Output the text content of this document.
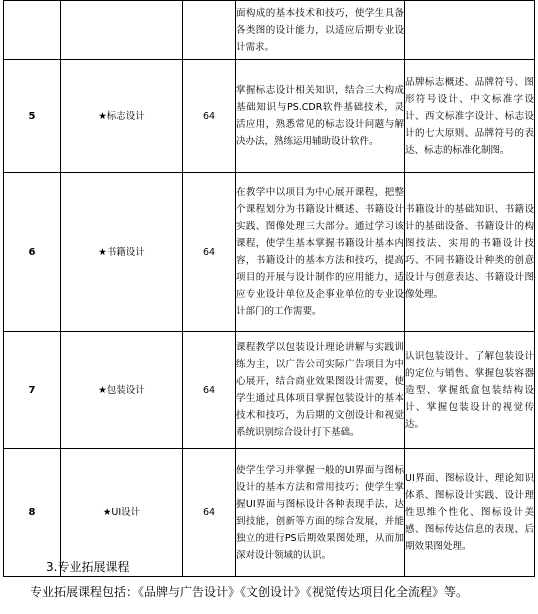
			面构成的基本技术和技巧，使学生具备各类图的设计能力，以适应后期专业设计需求。	
5	★标志设计	64	掌握标志设计相关知识，结合三大构成基础知识与PS.CDR软件基础技术，灵活应用，熟悉常见的标志设计问题与解决办法，熟练运用辅助设计软件。	品牌标志概述、品牌符号、图形符号设计、中文标准字设计、西文标准字设计、标志设计的七大原则、品牌符号的表达、标志的标准化制图。
6	★书籍设计	64	在教学中以项目为中心展开课程，把整个课程划分为书籍设计概述、书籍设计实践、图像处理三大部分。通过学习该课程，使学生基本掌握书籍设计基本内容，书籍设计的基本方法和技巧，提高项目的开展与设计制作的应用能力，适应专业设计单位及企事业单位的专业设计部门的工作需要。	书籍设计的基础知识、书籍设计的基础设备、书籍设计的构图技法、实用的书籍设计技巧、不同书籍设计种类的创意设计与创意表达、书籍设计图像处理。
7	★包装设计	64	课程教学以包装设计理论讲解与实践训练为主，以广告公司实际广告项目为中心展开，结合商业效果图设计需要，使学生通过具体项目掌握包装设计的基本技术和技巧，为后期的文创设计和视觉系统识别综合设计打下基础。	认识包装设计、了解包装设计的定位与销售、掌握包装容器造型、掌握纸盒包装结构设计、掌握包装设计的视觉传达。
8	★UI设计	64	使学生学习并掌握一般的UI界面与图标设计的基本方法和常用技巧；使学生掌握UI界面与图标设计各种表现手法，达到技能，创新等方面的综合发展，并能独立的进行PS后期效果图处理，从而加深对设计领域的认识。	UI界面、图标设计、理论知识体系、图标设计实践、设计理性思维个性化、图标设计美感、图标传达信息的表现、后期效果图处理。
3.专业拓展课程
专业拓展课程包括：《品牌与广告设计》《文创设计》《视觉传达项目化全流程》等。
